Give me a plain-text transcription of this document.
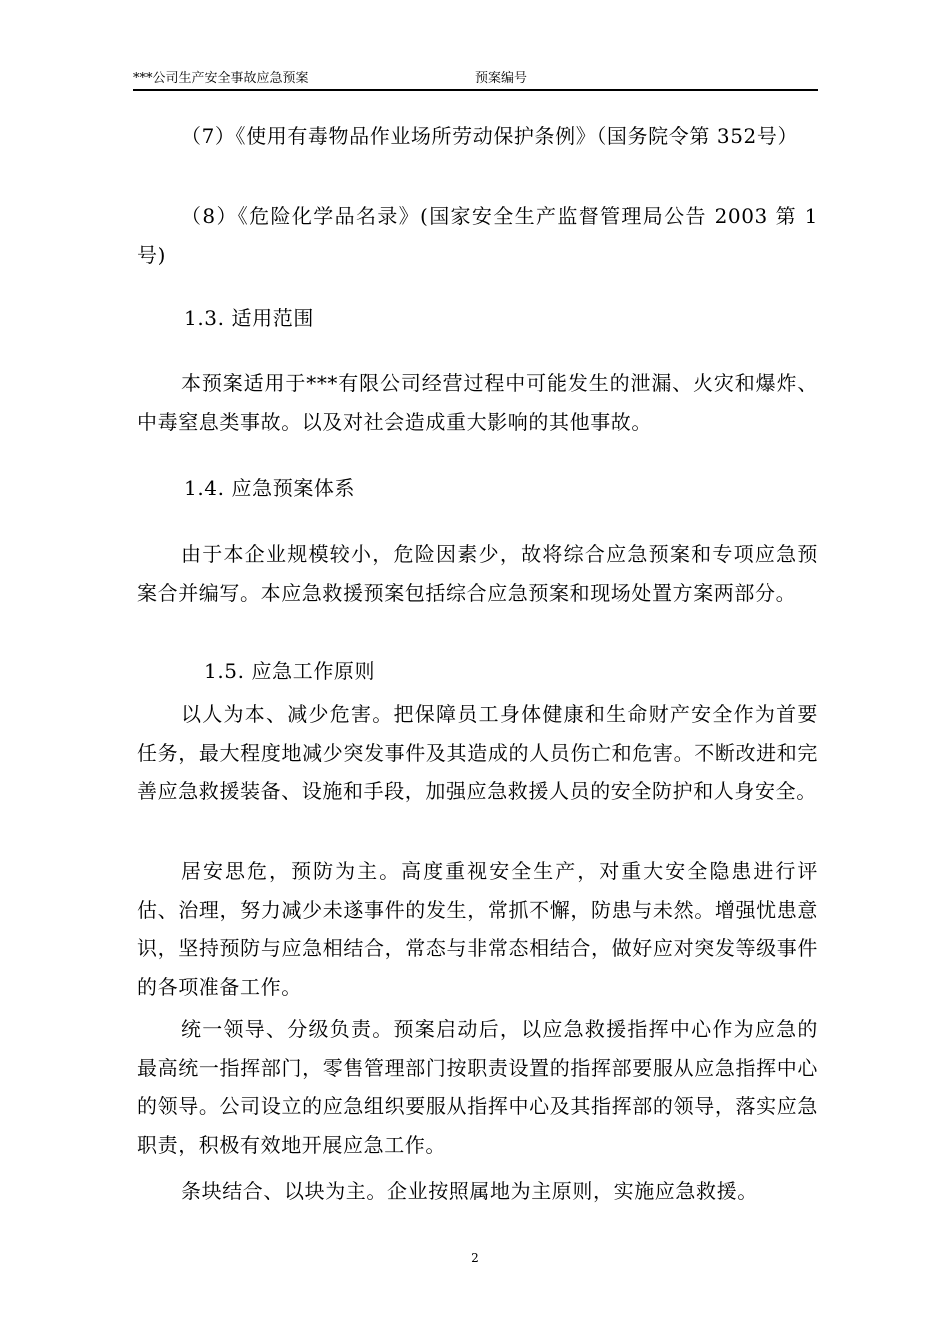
***公司生产安全事故应急预案	预案编号
（7）《使用有毒物品作业场所劳动保护条例》（国务院令第 352号）
（8）《危险化学品名录》(国家安全生产监督管理局公告 2003 第 1 号)
1.3. 适用范围
本预案适用于***有限公司经营过程中可能发生的泄漏、火灾和爆炸、中毒窒息类事故。以及对社会造成重大影响的其他事故。
1.4. 应急预案体系
由于本企业规模较小，危险因素少，故将综合应急预案和专项应急预案合并编写。本应急救援预案包括综合应急预案和现场处置方案两部分。
1.5. 应急工作原则
以人为本、减少危害。把保障员工身体健康和生命财产安全作为首要任务，最大程度地减少突发事件及其造成的人员伤亡和危害。不断改进和完善应急救援装备、设施和手段，加强应急救援人员的安全防护和人身安全。
居安思危，预防为主。高度重视安全生产，对重大安全隐患进行评估、治理，努力减少未遂事件的发生，常抓不懈，防患与未然。增强忧患意识，坚持预防与应急相结合，常态与非常态相结合，做好应对突发等级事件的各项准备工作。
统一领导、分级负责。预案启动后，以应急救援指挥中心作为应急的最高统一指挥部门，零售管理部门按职责设置的指挥部要服从应急指挥中心的领导。公司设立的应急组织要服从指挥中心及其指挥部的领导，落实应急职责，积极有效地开展应急工作。
条块结合、以块为主。企业按照属地为主原则，实施应急救援。
2
